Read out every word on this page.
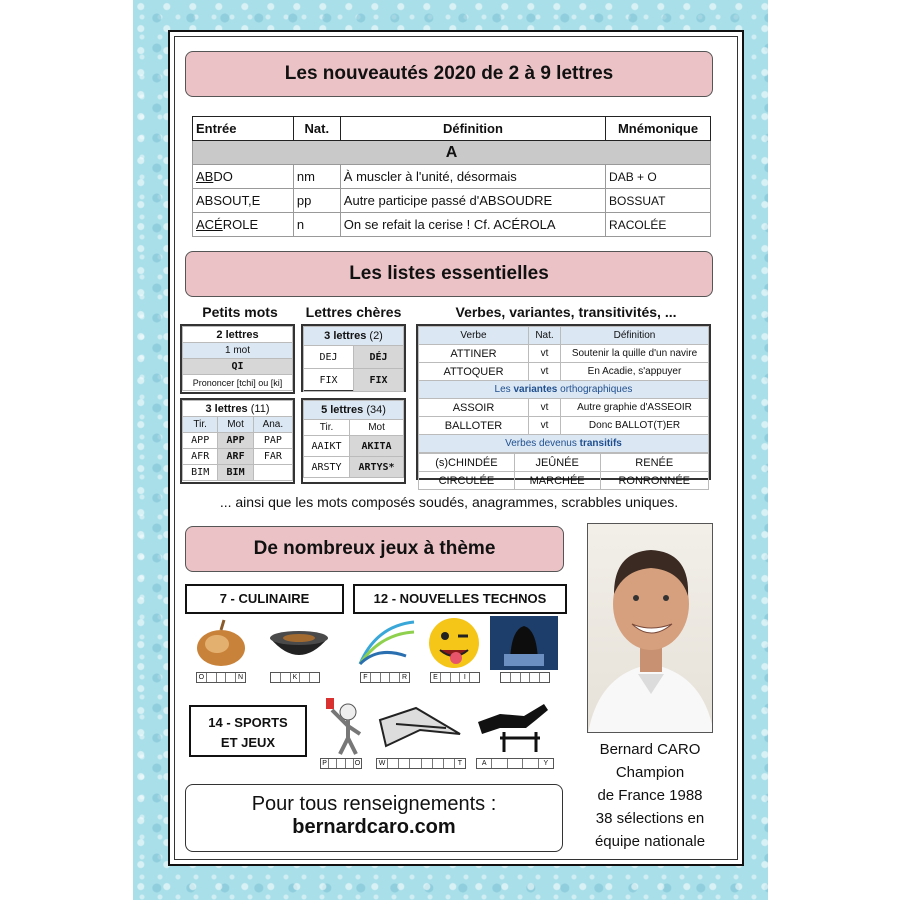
Les nouveautés 2020 de 2 à 9 lettres
Entrée	Nat.	Définition	Mnémonique
A			
ABDO	nm	À muscler à l'unité, désormais	DAB + O
ABSOUT,E	pp	Autre participe passé d'ABSOUDRE	BOSSUAT
ACÉROLE	n	On se refait la cerise ! Cf. ACÉROLA	RACOLÉE
Les listes essentielles
Petits mots	Lettres chères	Verbes, variantes, transitivités, ...
2 lettres
1 mot
QI
Prononcer [tchi] ou [ki]
3 lettres (11)		
Tir.	Mot	Ana.
APP	APP	PAP
AFR	ARF	FAR
BIM	BIM	
3 lettres (2)	
DEJ	DÉJ
FIX	FIX
5 lettres (34)	
Tir.	Mot
AAIKT	AKITA
ARSTY	ARTYS*
Verbe	Nat.	Définition
ATTINER	vt	Soutenir la quille d'un navire
ATTOQUER	vt	En Acadie, s'appuyer
Les variantes orthographiques		
ASSOIR	vt	Autre graphie d'ASSEOIR
BALLOTER	vt	Donc BALLOT(T)ER
Verbes devenus transitifs		
(s)CHINDÉE	JEÛNÉE	RENÉE
CIRCULÉE	MARCHÉE	RONRONNÉE
... ainsi que les mots composés soudés, anagrammes, scrabbles uniques.
De nombreux jeux à thème
7 - CULINAIRE	12 - NOUVELLES TECHNOS
14 - SPORTS
ET JEUX
O	N	K	F	R	E	I
P	O	W	T	A	Y
Bernard CARO
Champion
de France 1988
38 sélections en
équipe nationale
Pour tous renseignements :
bernardcaro.com
